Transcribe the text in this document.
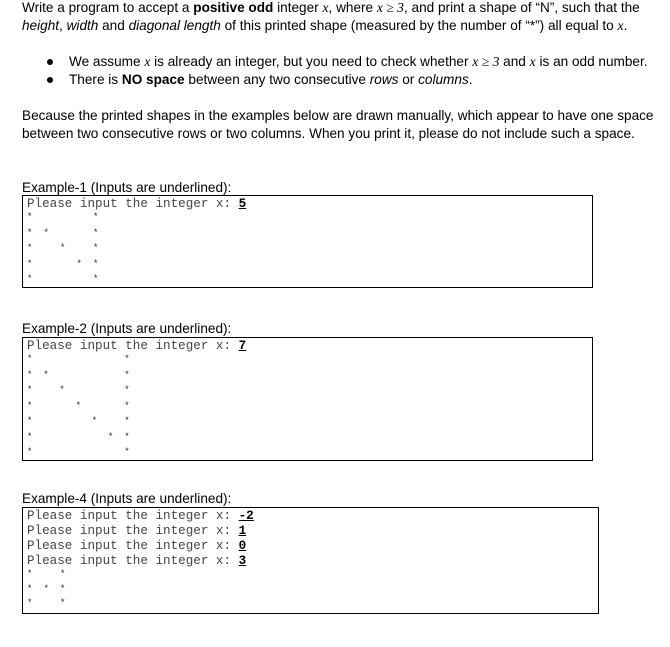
Write a program to accept a positive odd integer x, where x ≥ 3, and print a shape of “N”, such that the
height, width and diagonal length of this printed shape (measured by the number of “*”) all equal to x.
We assume x is already an integer, but you need to check whether x ≥ 3 and x is an odd number.
There is NO space between any two consecutive rows or columns.
Because the printed shapes in the examples below are drawn manually, which appear to have one space
between two consecutive rows or two columns. When you print it, please do not include such a space.
Example-1 (Inputs are underlined):
Please input the integer x: 5
*	*
* *	*
*	*	*
*	* *
*	*
Example-2 (Inputs are underlined):
Please input the integer x: 7
*	*
* *	*
*	*	*
*	*	*
*	*	*
*	* *
*	*
Example-4 (Inputs are underlined):
Please input the integer x: -2
Please input the integer x: 1
Please input the integer x: 0
Please input the integer x: 3
*	*
* * *
*	*
